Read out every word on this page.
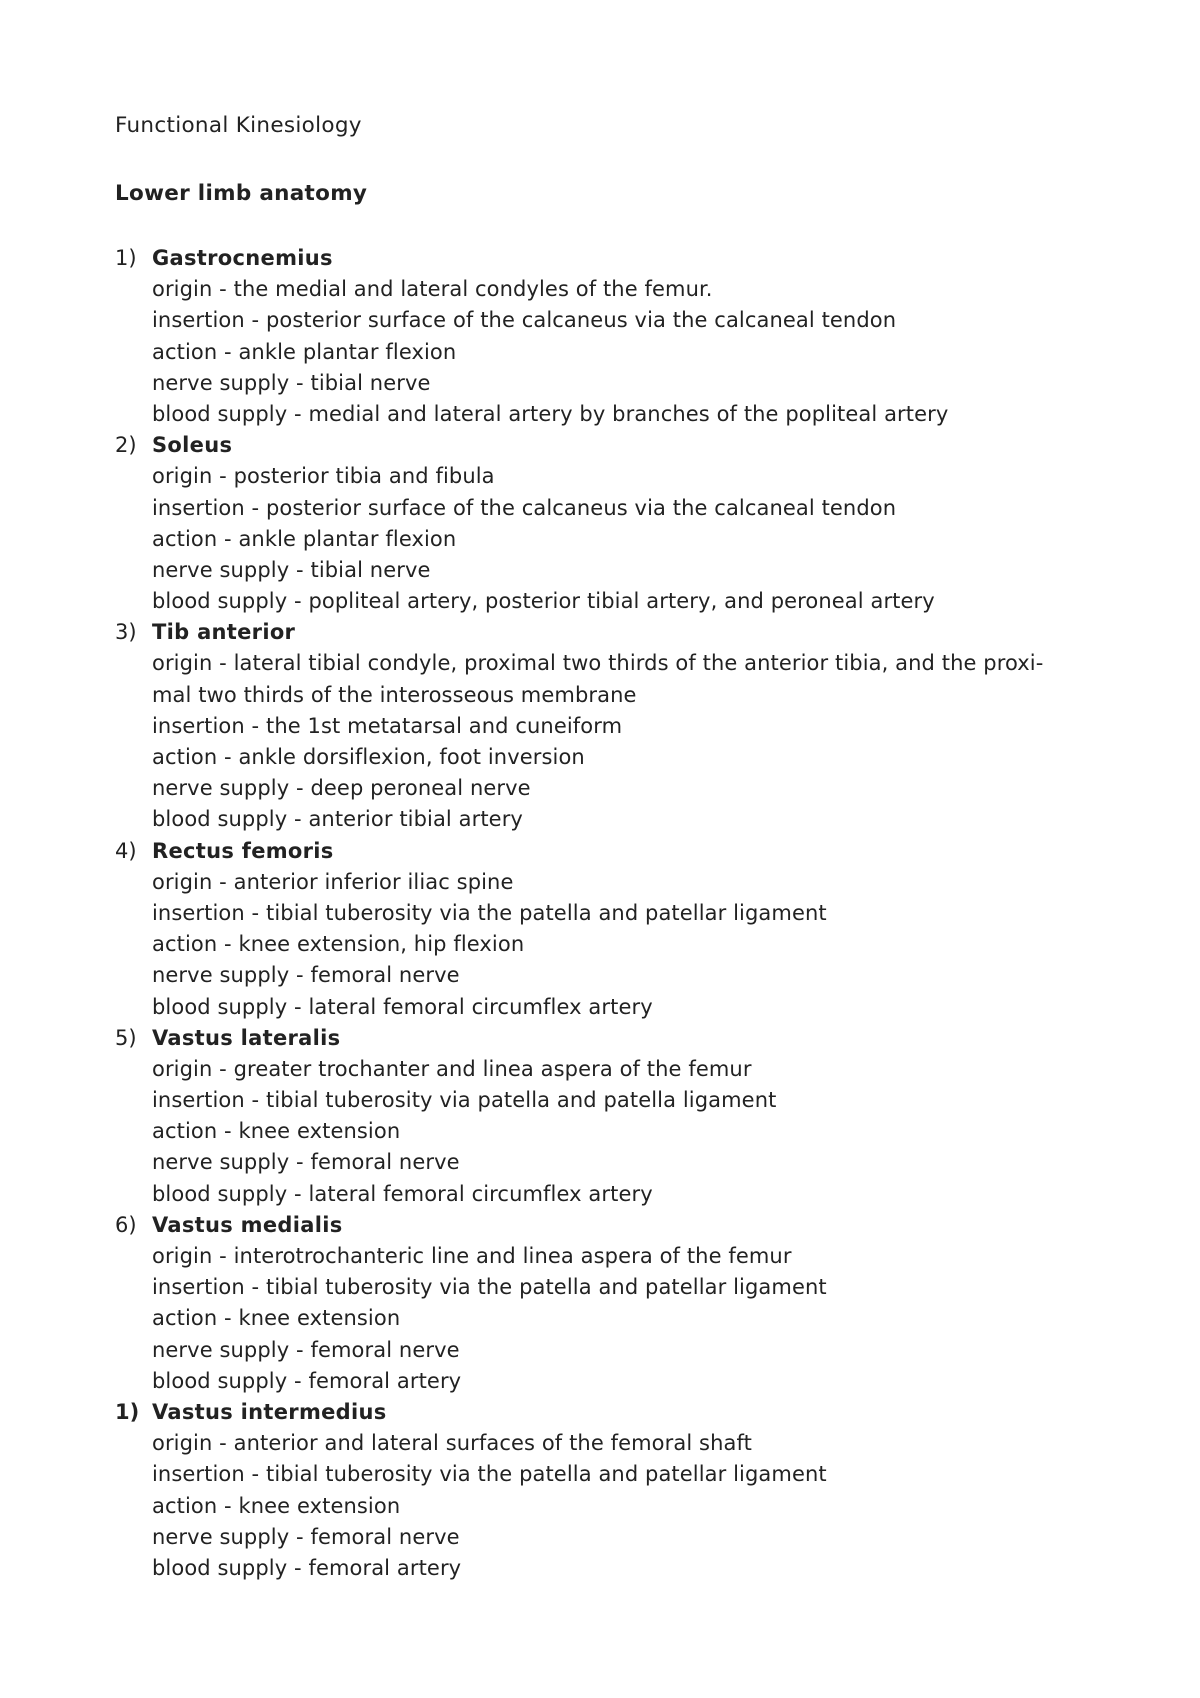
Functional Kinesiology
Lower limb anatomy
1) Gastrocnemius
origin - the medial and lateral condyles of the femur.
insertion - posterior surface of the calcaneus via the calcaneal tendon
action - ankle plantar flexion
nerve supply - tibial nerve
blood supply - medial and lateral artery by branches of the popliteal artery
2) Soleus
origin - posterior tibia and fibula
insertion - posterior surface of the calcaneus via the calcaneal tendon
action - ankle plantar flexion
nerve supply - tibial nerve
blood supply - popliteal artery, posterior tibial artery, and peroneal artery
3) Tib anterior
origin - lateral tibial condyle, proximal two thirds of the anterior tibia, and the proxi-
mal two thirds of the interosseous membrane
insertion - the 1st metatarsal and cuneiform
action - ankle dorsiflexion, foot inversion
nerve supply - deep peroneal nerve
blood supply - anterior tibial artery
4) Rectus femoris
origin - anterior inferior iliac spine
insertion - tibial tuberosity via the patella and patellar ligament
action - knee extension, hip flexion
nerve supply - femoral nerve
blood supply - lateral femoral circumflex artery
5) Vastus lateralis
origin - greater trochanter and linea aspera of the femur
insertion - tibial tuberosity via patella and patella ligament
action - knee extension
nerve supply - femoral nerve
blood supply - lateral femoral circumflex artery
6) Vastus medialis
origin - interotrochanteric line and linea aspera of the femur
insertion - tibial tuberosity via the patella and patellar ligament
action - knee extension
nerve supply - femoral nerve
blood supply - femoral artery
1) Vastus intermedius
origin - anterior and lateral surfaces of the femoral shaft
insertion - tibial tuberosity via the patella and patellar ligament
action - knee extension
nerve supply - femoral nerve
blood supply - femoral artery
